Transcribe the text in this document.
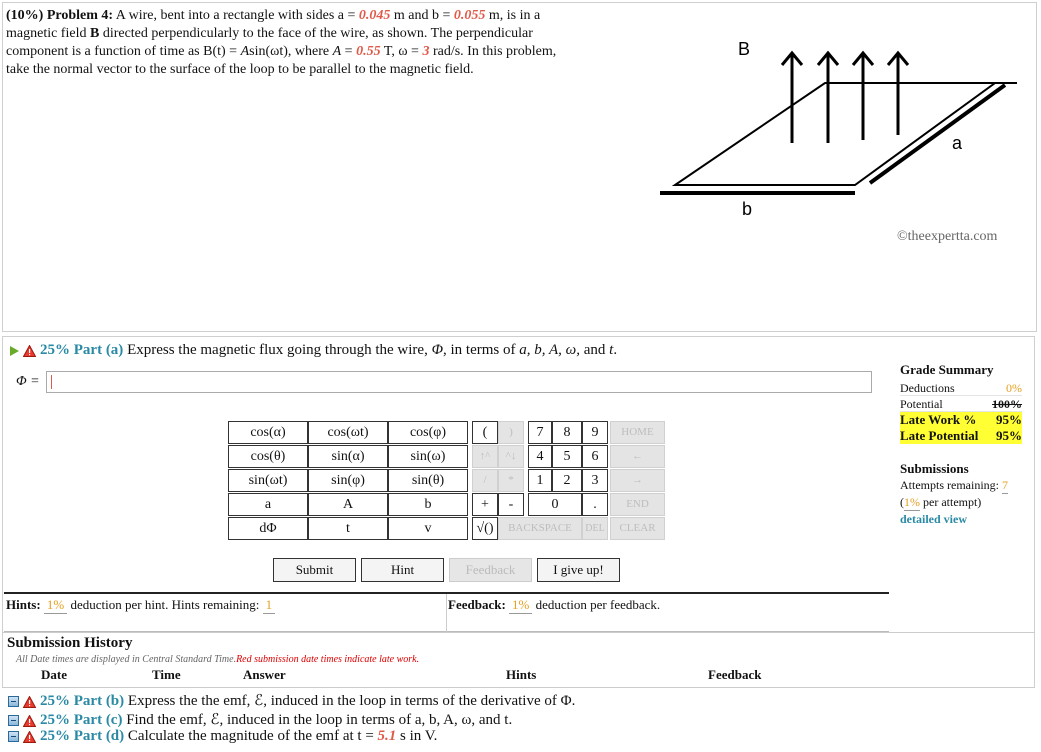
(10%) Problem 4: A wire, bent into a rectangle with sides a = 0.045 m and b = 0.055 m, is in a
magnetic field B directed perpendicularly to the face of the wire, as shown. The perpendicular
component is a function of time as B(t) = Asin(ωt), where A = 0.55 T, ω = 3 rad/s. In this problem,
take the normal vector to the surface of the loop to be parallel to the magnetic field.
B
a
b
©theexpertta.com
25% Part (a) Express the magnetic flux going through the wire, Φ, in terms of a, b, A, ω, and t.
Φ =
cos(α)	cos(ωt)	cos(φ)
cos(θ)	sin(α)	sin(ω)
sin(ωt)	sin(φ)	sin(θ)
a	A	b
dΦ	t	v
(	)	7	8	9	HOME
↑^	^↓	4	5	6	←
/	*	1	2	3	→
+	-	0	.	END
√()	BACKSPACE	DEL	CLEAR
Submit	Hint	Feedback	I give up!
Hints: 1% deduction per hint. Hints remaining: 1	Feedback: 1% deduction per feedback.
Grade Summary
Deductions	0%
Potential	100%
Late Work % 95%
Late Potential 95%
Submissions
Attempts remaining: 7
(1% per attempt)
detailed view
Submission History
All Date times are displayed in Central Standard Time.Red submission date times indicate late work.
Date	Time	Answer	Hints	Feedback
25% Part (b) Express the the emf, ℰ, induced in the loop in terms of the derivative of Φ.
25% Part (c) Find the emf, ℰ, induced in the loop in terms of a, b, A, ω, and t.
25% Part (d) Calculate the magnitude of the emf at t = 5.1 s in V.
